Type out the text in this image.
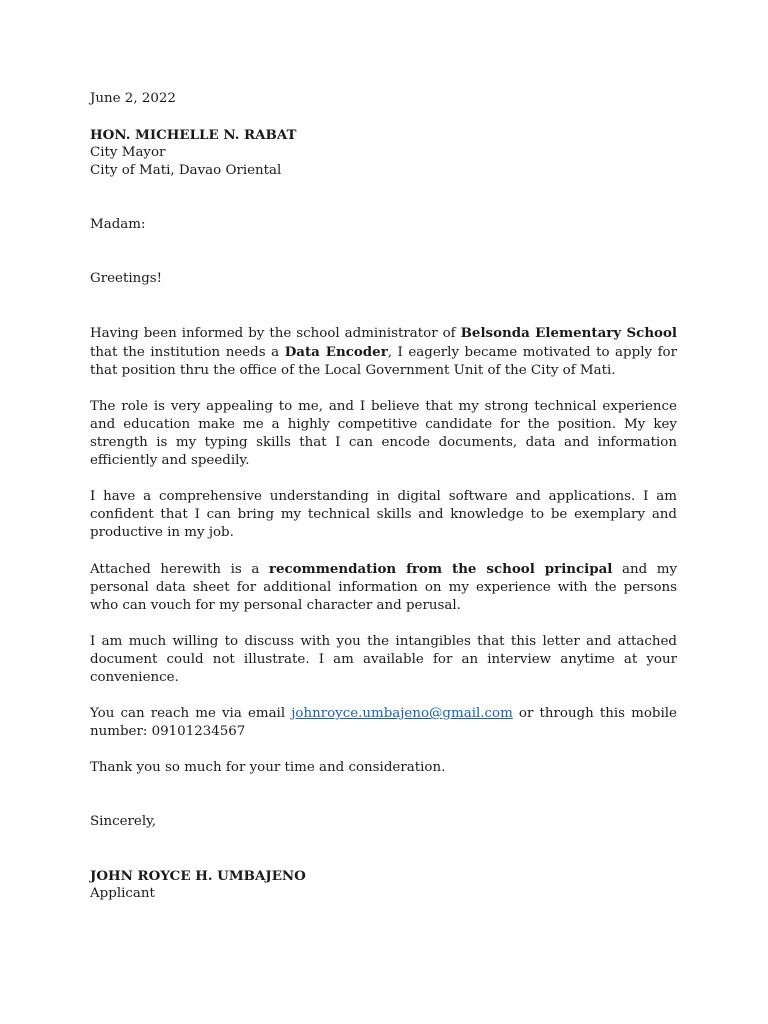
June 2, 2022
HON. MICHELLE N. RABAT
City Mayor
City of Mati, Davao Oriental
Madam:
Greetings!

Having been informed by the school administrator of Belsonda Elementary School that the institution needs a Data Encoder, I eagerly became motivated to apply for that position thru the office of the Local Government Unit of the City of Mati.

The role is very appealing to me, and I believe that my strong technical experience and education make me a highly competitive candidate for the position. My key strength is my typing skills that I can encode documents, data and information efficiently and speedily.

I have a comprehensive understanding in digital software and applications. I am confident that I can bring my technical skills and knowledge to be exemplary and productive in my job.

Attached herewith is a recommendation from the school principal and my personal data sheet for additional information on my experience with the persons who can vouch for my personal character and perusal.

I am much willing to discuss with you the intangibles that this letter and attached document could not illustrate. I am available for an interview anytime at your convenience.

You can reach me via email johnroyce.umbajeno@gmail.com or through this mobile number: 09101234567

Thank you so much for your time and consideration.

Sincerely,
JOHN ROYCE H. UMBAJENO
Applicant
